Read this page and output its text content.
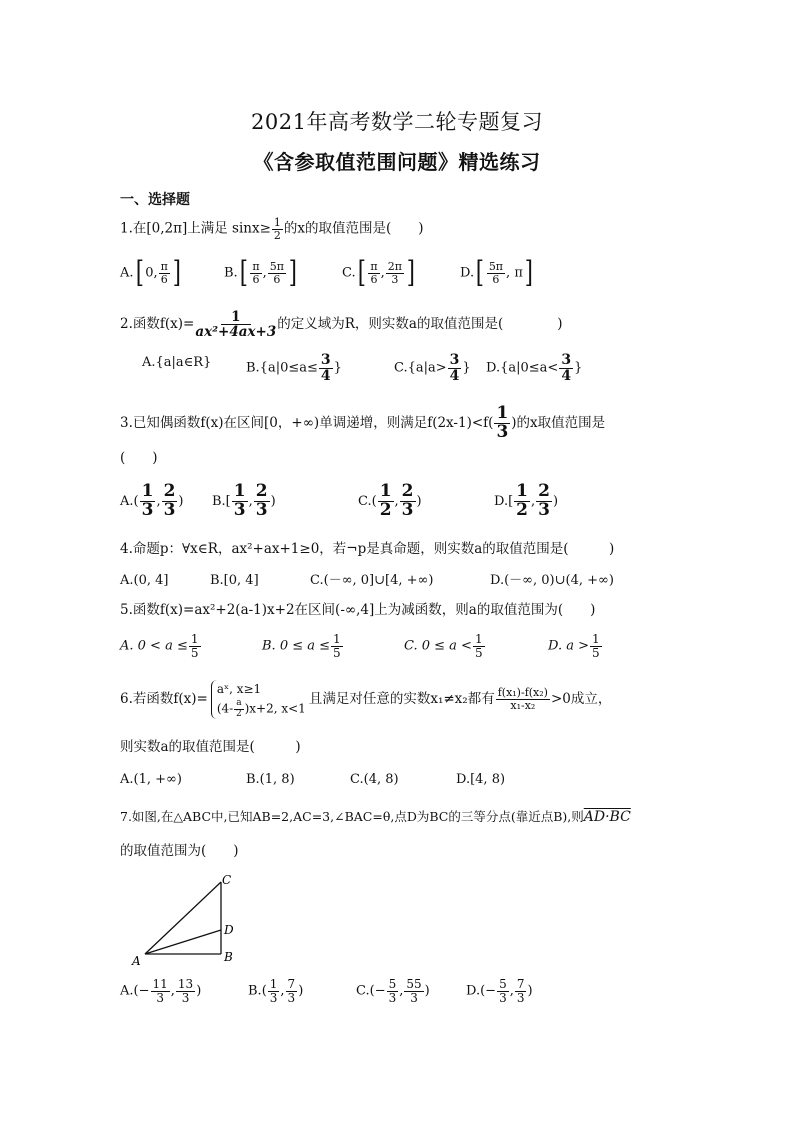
2021年高考数学二轮专题复习
《含参取值范围问题》精选练习
一、选择题
1.在[0,2π]上满足 $\sin x\ge \frac{1}{2}$ 的x的取值范围是(　　)
A.[ 0, $\frac{\pi}{6}$ ]	$B.[ \frac{\pi}{6}$ , $\frac{5\pi}{6}$ ]	$C.[ \frac{\pi}{6}$ , $\frac{2\pi}{3}$ ]	$D.[ \frac{5\pi}{6}$ , π]
2.函数$f(x)= \frac{1}{\text{ax²+4ax+3}}$ 的定义域为R，则实数a的取值范围是(　　　　)
A.{a|a∈R}	$B.\{a|0\le a\le \frac{3}{4}$ }	$C.\{a|a> \frac{3}{4}$ } $D.\{a|0\le a< \frac{3}{4}$ }
3.已知偶函数f(x)在区间[0，+∞)单调递增，则满足$f(2x-1)<f( \frac{1}{3}$ )的x取值范围是
(　　)
$A.( \frac{1}{3}$ , $\frac{2}{3}$ ) $B.[ \frac{1}{3}$ , $\frac{2}{3}$ )	$C.( \frac{1}{2}$ , $\frac{2}{3}$ )	$D.[ \frac{1}{2}$ , $\frac{2}{3}$ )
4.命题p：∀x∈R，ax²+ax+1≥0，若¬p是真命题，则实数a的取值范围是(　　　)
A.(0, 4]	B.[0, 4]	C.(－∞, 0]∪[4, +∞)	D.(－∞, 0)∪(4, +∞)
5.函数f(x)=ax²+2(a-1)x+2在区间(-∞,4]上为减函数，则a的取值范围为(　　)
A. $0 < a \le \frac{1}{5}$	B. $0 \le a \le \frac{1}{5}$	C. $0 \le a < \frac{1}{5}$	D. $a > \frac{1}{5}$
6.若函数f(x)=
aˣ, x≥1
$(4- \frac{a}{2} )x+2$, x<1
且满足对任意的实数x₁≠x₂都有 $\frac{\text{f(x₁)-f(x₂)}}{\text{x₁-x₂}} >0$成立，
则实数a的取值范围是(　　　)
A.(1, +∞)	B.(1, 8)	C.(4, 8)	D.[4, 8)
7.如图,在△ABC中,已知AB=2,AC=3,∠BAC=θ,点D为BC的三等分点(靠近点B),则AD·BC
的取值范围为(　　)
A	B
C
D
$A.(- \frac{11}{3}$ , $\frac{13}{3}$ )	$B.( \frac{1}{3}$ , $\frac{7}{3}$ )	$C.(- \frac{5}{3}$ , $\frac{55}{3}$ )	$D.(- \frac{5}{3}$ , $\frac{7}{3}$ )
